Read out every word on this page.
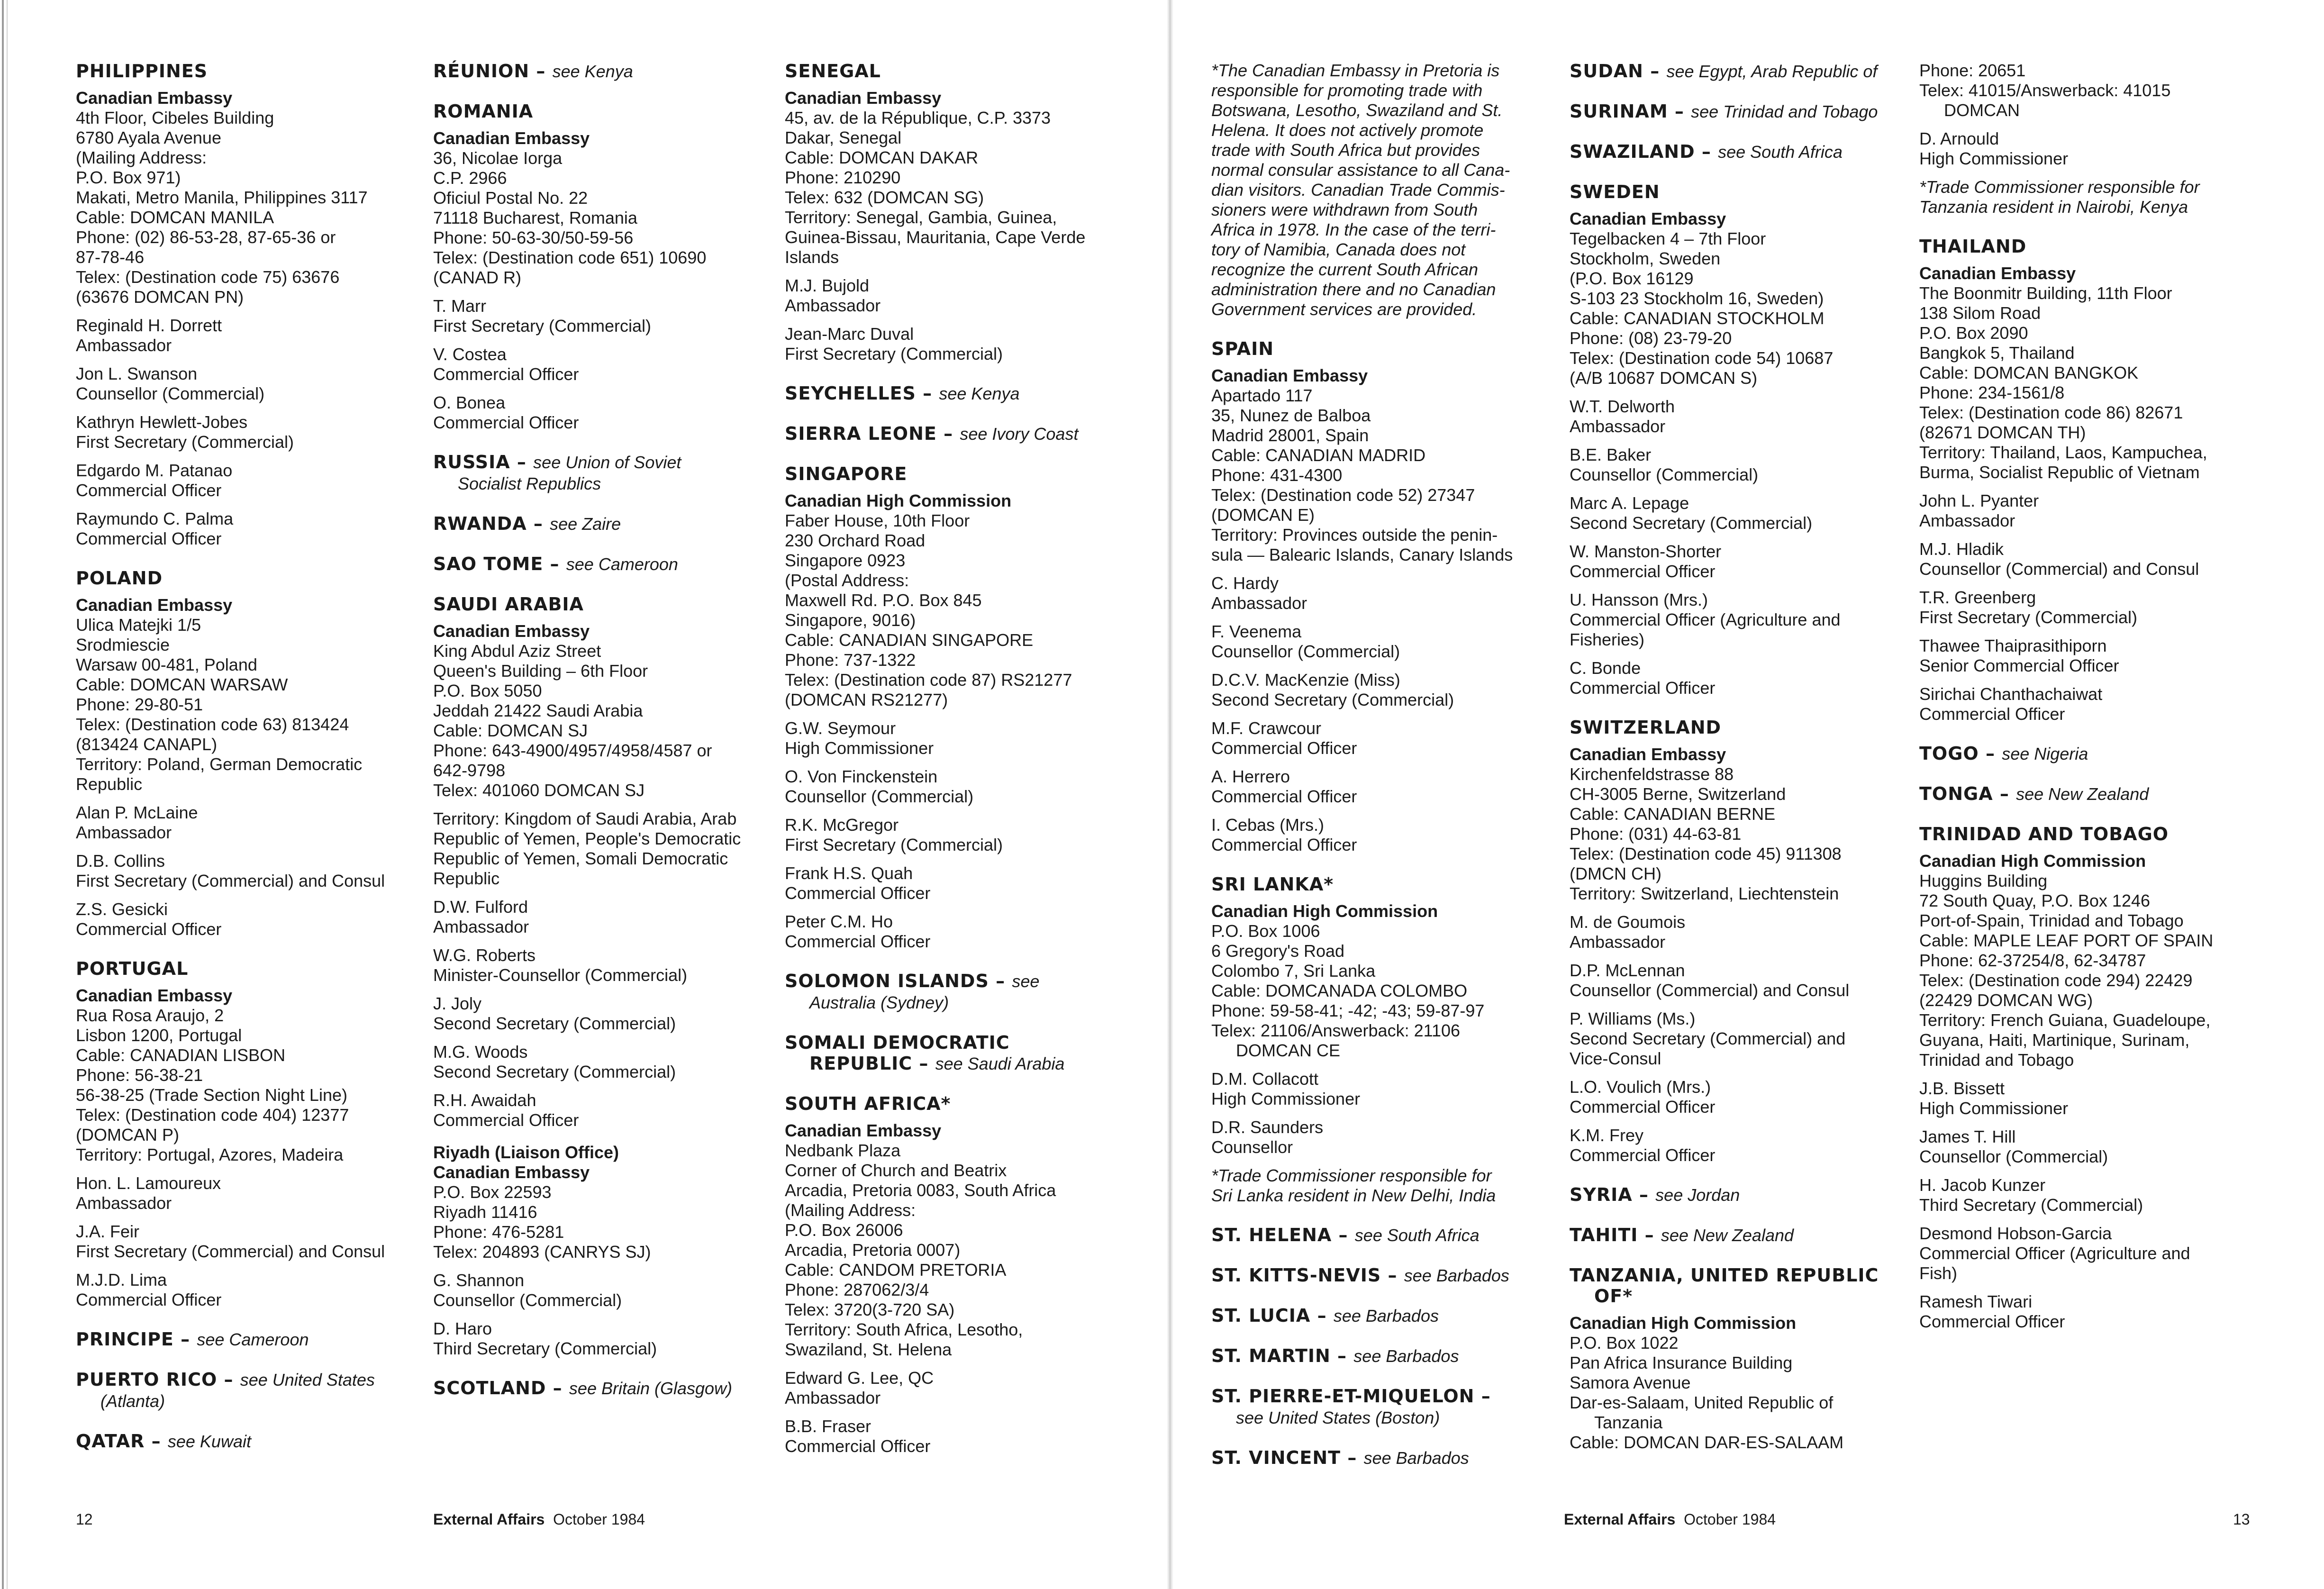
PHILIPPINES
Canadian Embassy
4th Floor, Cibeles Building
6780 Ayala Avenue
(Mailing Address:
P.O. Box 971)
Makati, Metro Manila, Philippines 3117
Cable: DOMCAN MANILA
Phone: (02) 86-53-28, 87-65-36 or
87-78-46
Telex: (Destination code 75) 63676
(63676 DOMCAN PN)
Reginald H. Dorrett
Ambassador
Jon L. Swanson
Counsellor (Commercial)
Kathryn Hewlett-Jobes
First Secretary (Commercial)
Edgardo M. Patanao
Commercial Officer
Raymundo C. Palma
Commercial Officer
POLAND
Canadian Embassy
Ulica Matejki 1/5
Srodmiescie
Warsaw 00-481, Poland
Cable: DOMCAN WARSAW
Phone: 29-80-51
Telex: (Destination code 63) 813424
(813424 CANAPL)
Territory: Poland, German Democratic
Republic
Alan P. McLaine
Ambassador
D.B. Collins
First Secretary (Commercial) and Consul
Z.S. Gesicki
Commercial Officer
PORTUGAL
Canadian Embassy
Rua Rosa Araujo, 2
Lisbon 1200, Portugal
Cable: CANADIAN LISBON
Phone: 56-38-21
56-38-25 (Trade Section Night Line)
Telex: (Destination code 404) 12377
(DOMCAN P)
Territory: Portugal, Azores, Madeira
Hon. L. Lamoureux
Ambassador
J.A. Feir
First Secretary (Commercial) and Consul
M.J.D. Lima
Commercial Officer
PRINCIPE – see Cameroon
PUERTO RICO – see United States
(Atlanta)
QATAR – see Kuwait
RÉUNION – see Kenya
ROMANIA
Canadian Embassy
36, Nicolae Iorga
C.P. 2966
Oficiul Postal No. 22
71118 Bucharest, Romania
Phone: 50-63-30/50-59-56
Telex: (Destination code 651) 10690
(CANAD R)
T. Marr
First Secretary (Commercial)
V. Costea
Commercial Officer
O. Bonea
Commercial Officer
RUSSIA – see Union of Soviet
Socialist Republics
RWANDA – see Zaire
SAO TOME – see Cameroon
SAUDI ARABIA
Canadian Embassy
King Abdul Aziz Street
Queen's Building – 6th Floor
P.O. Box 5050
Jeddah 21422 Saudi Arabia
Cable: DOMCAN SJ
Phone: 643-4900/4957/4958/4587 or
642-9798
Telex: 401060 DOMCAN SJ
Territory: Kingdom of Saudi Arabia, Arab
Republic of Yemen, People's Democratic
Republic of Yemen, Somali Democratic
Republic
D.W. Fulford
Ambassador
W.G. Roberts
Minister-Counsellor (Commercial)
J. Joly
Second Secretary (Commercial)
M.G. Woods
Second Secretary (Commercial)
R.H. Awaidah
Commercial Officer
Riyadh (Liaison Office)
Canadian Embassy
P.O. Box 22593
Riyadh 11416
Phone: 476-5281
Telex: 204893 (CANRYS SJ)
G. Shannon
Counsellor (Commercial)
D. Haro
Third Secretary (Commercial)
SCOTLAND – see Britain (Glasgow)
SENEGAL
Canadian Embassy
45, av. de la République, C.P. 3373
Dakar, Senegal
Cable: DOMCAN DAKAR
Phone: 210290
Telex: 632 (DOMCAN SG)
Territory: Senegal, Gambia, Guinea,
Guinea-Bissau, Mauritania, Cape Verde
Islands
M.J. Bujold
Ambassador
Jean-Marc Duval
First Secretary (Commercial)
SEYCHELLES – see Kenya
SIERRA LEONE – see Ivory Coast
SINGAPORE
Canadian High Commission
Faber House, 10th Floor
230 Orchard Road
Singapore 0923
(Postal Address:
Maxwell Rd. P.O. Box 845
Singapore, 9016)
Cable: CANADIAN SINGAPORE
Phone: 737-1322
Telex: (Destination code 87) RS21277
(DOMCAN RS21277)
G.W. Seymour
High Commissioner
O. Von Finckenstein
Counsellor (Commercial)
R.K. McGregor
First Secretary (Commercial)
Frank H.S. Quah
Commercial Officer
Peter C.M. Ho
Commercial Officer
SOLOMON ISLANDS – see
Australia (Sydney)
SOMALI DEMOCRATIC
REPUBLIC – see Saudi Arabia
SOUTH AFRICA*
Canadian Embassy
Nedbank Plaza
Corner of Church and Beatrix
Arcadia, Pretoria 0083, South Africa
(Mailing Address:
P.O. Box 26006
Arcadia, Pretoria 0007)
Cable: CANDOM PRETORIA
Phone: 287062/3/4
Telex: 3720(3-720 SA)
Territory: South Africa, Lesotho,
Swaziland, St. Helena
Edward G. Lee, QC
Ambassador
B.B. Fraser
Commercial Officer
*The Canadian Embassy in Pretoria is
responsible for promoting trade with
Botswana, Lesotho, Swaziland and St.
Helena. It does not actively promote
trade with South Africa but provides
normal consular assistance to all Cana-
dian visitors. Canadian Trade Commis-
sioners were withdrawn from South
Africa in 1978. In the case of the terri-
tory of Namibia, Canada does not
recognize the current South African
administration there and no Canadian
Government services are provided.
SPAIN
Canadian Embassy
Apartado 117
35, Nunez de Balboa
Madrid 28001, Spain
Cable: CANADIAN MADRID
Phone: 431-4300
Telex: (Destination code 52) 27347
(DOMCAN E)
Territory: Provinces outside the penin-
sula — Balearic Islands, Canary Islands
C. Hardy
Ambassador
F. Veenema
Counsellor (Commercial)
D.C.V. MacKenzie (Miss)
Second Secretary (Commercial)
M.F. Crawcour
Commercial Officer
A. Herrero
Commercial Officer
I. Cebas (Mrs.)
Commercial Officer
SRI LANKA*
Canadian High Commission
P.O. Box 1006
6 Gregory's Road
Colombo 7, Sri Lanka
Cable: DOMCANADA COLOMBO
Phone: 59-58-41; -42; -43; 59-87-97
Telex: 21106/Answerback: 21106
DOMCAN CE
D.M. Collacott
High Commissioner
D.R. Saunders
Counsellor
*Trade Commissioner responsible for
Sri Lanka resident in New Delhi, India
ST. HELENA – see South Africa
ST. KITTS-NEVIS – see Barbados
ST. LUCIA – see Barbados
ST. MARTIN – see Barbados
ST. PIERRE-ET-MIQUELON –
see United States (Boston)
ST. VINCENT – see Barbados
SUDAN – see Egypt, Arab Republic of
SURINAM – see Trinidad and Tobago
SWAZILAND – see South Africa
SWEDEN
Canadian Embassy
Tegelbacken 4 – 7th Floor
Stockholm, Sweden
(P.O. Box 16129
S-103 23 Stockholm 16, Sweden)
Cable: CANADIAN STOCKHOLM
Phone: (08) 23-79-20
Telex: (Destination code 54) 10687
(A/B 10687 DOMCAN S)
W.T. Delworth
Ambassador
B.E. Baker
Counsellor (Commercial)
Marc A. Lepage
Second Secretary (Commercial)
W. Manston-Shorter
Commercial Officer
U. Hansson (Mrs.)
Commercial Officer (Agriculture and
Fisheries)
C. Bonde
Commercial Officer
SWITZERLAND
Canadian Embassy
Kirchenfeldstrasse 88
CH-3005 Berne, Switzerland
Cable: CANADIAN BERNE
Phone: (031) 44-63-81
Telex: (Destination code 45) 911308
(DMCN CH)
Territory: Switzerland, Liechtenstein
M. de Goumois
Ambassador
D.P. McLennan
Counsellor (Commercial) and Consul
P. Williams (Ms.)
Second Secretary (Commercial) and
Vice-Consul
L.O. Voulich (Mrs.)
Commercial Officer
K.M. Frey
Commercial Officer
SYRIA – see Jordan
TAHITI – see New Zealand
TANZANIA, UNITED REPUBLIC
OF*
Canadian High Commission
P.O. Box 1022
Pan Africa Insurance Building
Samora Avenue
Dar-es-Salaam, United Republic of
Tanzania
Cable: DOMCAN DAR-ES-SALAAM
Phone: 20651
Telex: 41015/Answerback: 41015
DOMCAN
D. Arnould
High Commissioner
*Trade Commissioner responsible for
Tanzania resident in Nairobi, Kenya
THAILAND
Canadian Embassy
The Boonmitr Building, 11th Floor
138 Silom Road
P.O. Box 2090
Bangkok 5, Thailand
Cable: DOMCAN BANGKOK
Phone: 234-1561/8
Telex: (Destination code 86) 82671
(82671 DOMCAN TH)
Territory: Thailand, Laos, Kampuchea,
Burma, Socialist Republic of Vietnam
John L. Pyanter
Ambassador
M.J. Hladik
Counsellor (Commercial) and Consul
T.R. Greenberg
First Secretary (Commercial)
Thawee Thaiprasithiporn
Senior Commercial Officer
Sirichai Chanthachaiwat
Commercial Officer
TOGO – see Nigeria
TONGA – see New Zealand
TRINIDAD AND TOBAGO
Canadian High Commission
Huggins Building
72 South Quay, P.O. Box 1246
Port-of-Spain, Trinidad and Tobago
Cable: MAPLE LEAF PORT OF SPAIN
Phone: 62-37254/8, 62-34787
Telex: (Destination code 294) 22429
(22429 DOMCAN WG)
Territory: French Guiana, Guadeloupe,
Guyana, Haiti, Martinique, Surinam,
Trinidad and Tobago
J.B. Bissett
High Commissioner
James T. Hill
Counsellor (Commercial)
H. Jacob Kunzer
Third Secretary (Commercial)
Desmond Hobson-Garcia
Commercial Officer (Agriculture and
Fish)
Ramesh Tiwari
Commercial Officer
12	External Affairs October 1984	External Affairs October 1984	13
